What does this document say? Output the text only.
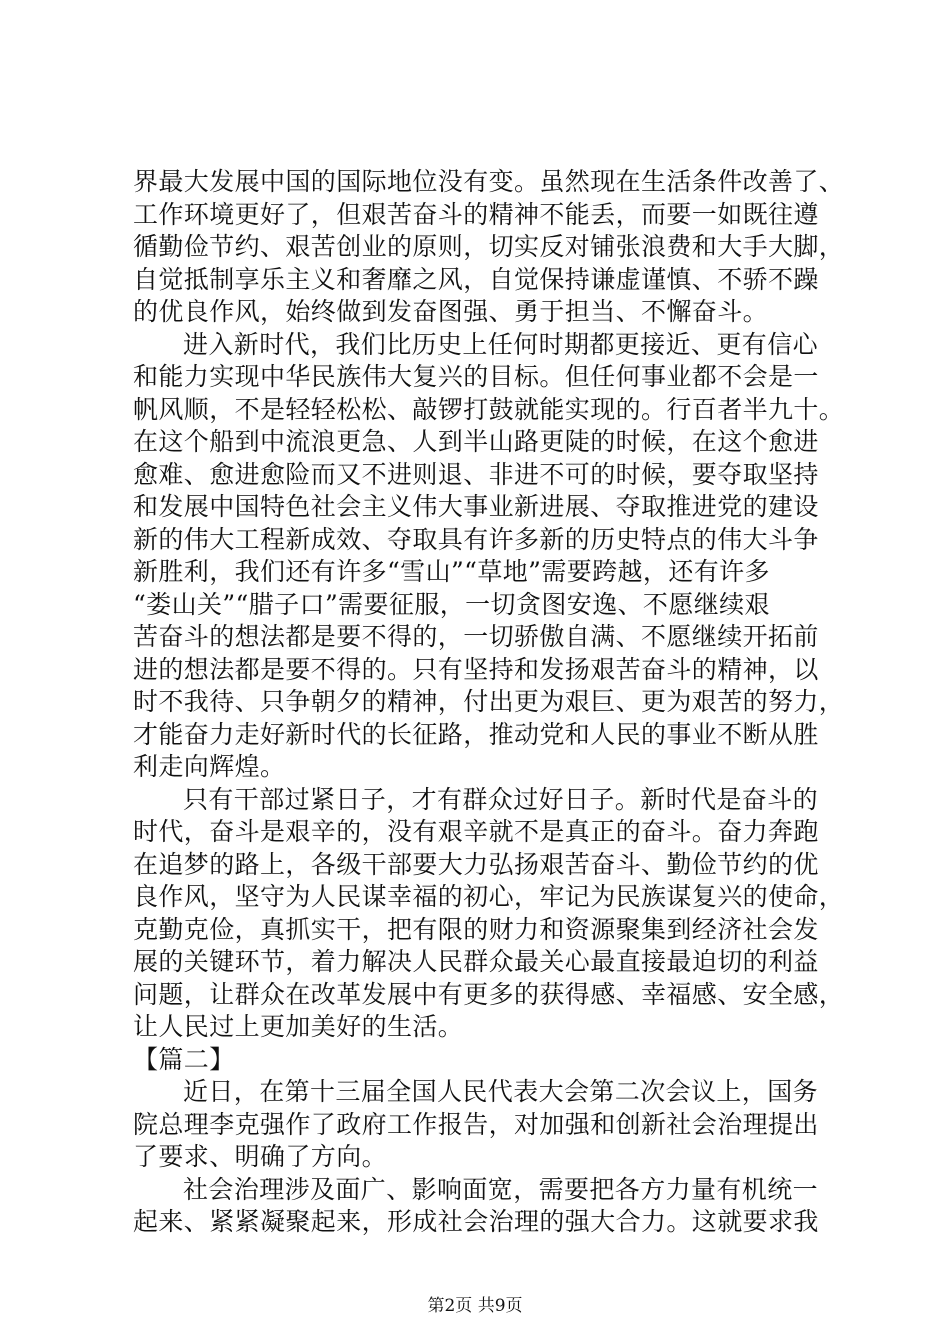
界最大发展中国的国际地位没有变。虽然现在生活条件改善了、
工作环境更好了，但艰苦奋斗的精神不能丢，而要一如既往遵
循勤俭节约、艰苦创业的原则，切实反对铺张浪费和大手大脚，
自觉抵制享乐主义和奢靡之风，自觉保持谦虚谨慎、不骄不躁
的优良作风，始终做到发奋图强、勇于担当、不懈奋斗。
进入新时代，我们比历史上任何时期都更接近、更有信心
和能力实现中华民族伟大复兴的目标。但任何事业都不会是一
帆风顺，不是轻轻松松、敲锣打鼓就能实现的。行百者半九十。
在这个船到中流浪更急、人到半山路更陡的时候，在这个愈进
愈难、愈进愈险而又不进则退、非进不可的时候，要夺取坚持
和发展中国特色社会主义伟大事业新进展、夺取推进党的建设
新的伟大工程新成效、夺取具有许多新的历史特点的伟大斗争
新胜利，我们还有许多“雪山”“草地”需要跨越，还有许多
“娄山关”“腊子口”需要征服，一切贪图安逸、不愿继续艰
苦奋斗的想法都是要不得的，一切骄傲自满、不愿继续开拓前
进的想法都是要不得的。只有坚持和发扬艰苦奋斗的精神，以
时不我待、只争朝夕的精神，付出更为艰巨、更为艰苦的努力，
才能奋力走好新时代的长征路，推动党和人民的事业不断从胜
利走向辉煌。
只有干部过紧日子，才有群众过好日子。新时代是奋斗的
时代，奋斗是艰辛的，没有艰辛就不是真正的奋斗。奋力奔跑
在追梦的路上，各级干部要大力弘扬艰苦奋斗、勤俭节约的优
良作风，坚守为人民谋幸福的初心，牢记为民族谋复兴的使命，
克勤克俭，真抓实干，把有限的财力和资源聚集到经济社会发
展的关键环节，着力解决人民群众最关心最直接最迫切的利益
问题，让群众在改革发展中有更多的获得感、幸福感、安全感，
让人民过上更加美好的生活。
【篇二】
近日，在第十三届全国人民代表大会第二次会议上，国务
院总理李克强作了政府工作报告，对加强和创新社会治理提出
了要求、明确了方向。
社会治理涉及面广、影响面宽，需要把各方力量有机统一
起来、紧紧凝聚起来，形成社会治理的强大合力。这就要求我
第2页 共9页
